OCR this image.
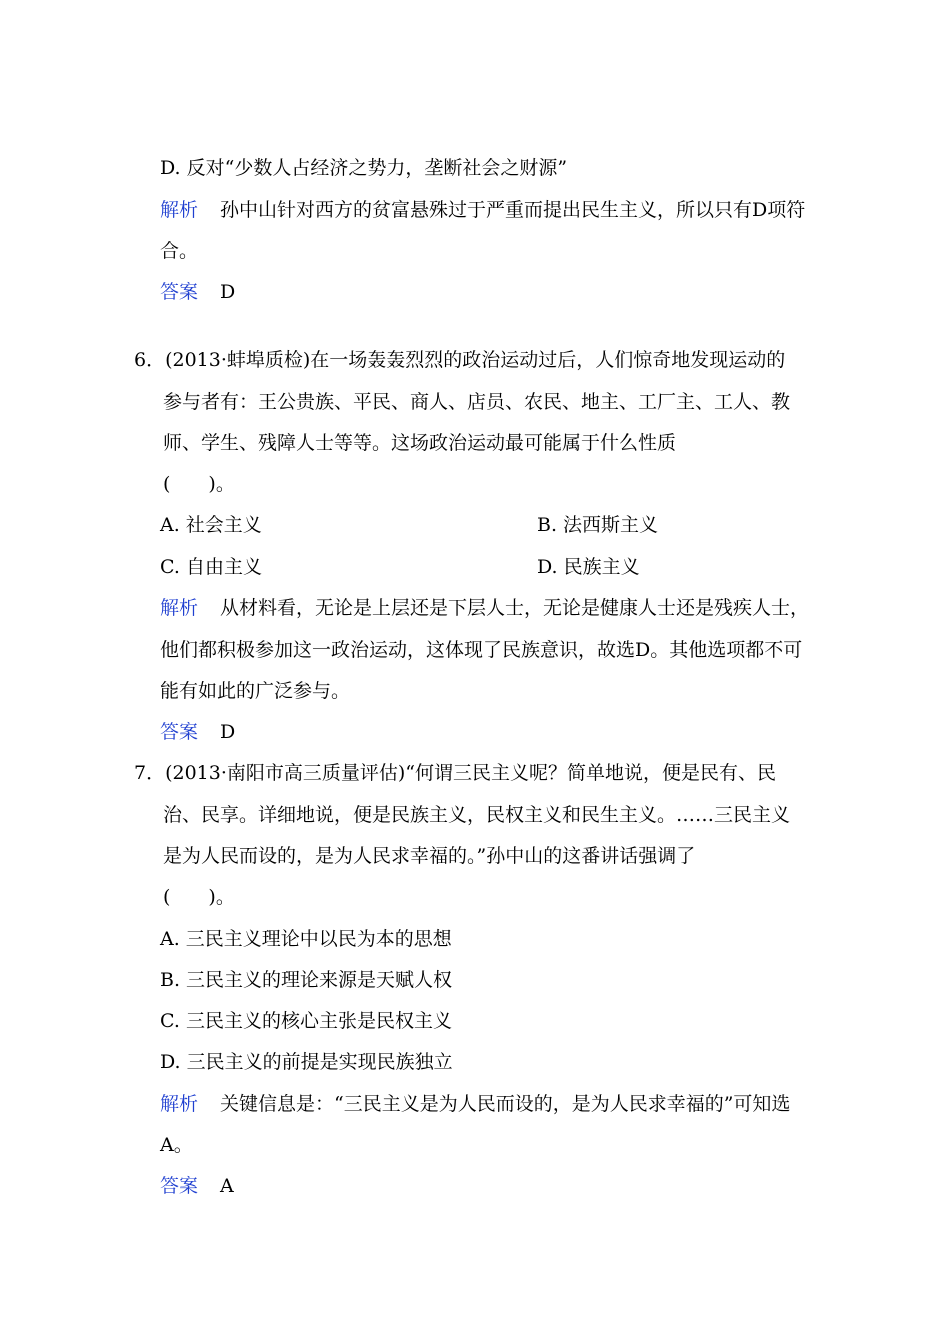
D. 反对“少数人占经济之势力，垄断社会之财源”
解析 孙中山针对西方的贫富悬殊过于严重而提出民生主义，所以只有D项符
合。
答案 D
6．(2013·蚌埠质检)在一场轰轰烈烈的政治运动过后，人们惊奇地发现运动的
参与者有：王公贵族、平民、商人、店员、农民、地主、工厂主、工人、教
师、学生、残障人士等等。这场政治运动最可能属于什么性质
(　　)。
A. 社会主义	B. 法西斯主义
C. 自由主义	D. 民族主义
解析 从材料看，无论是上层还是下层人士，无论是健康人士还是残疾人士，
他们都积极参加这一政治运动，这体现了民族意识，故选D。其他选项都不可
能有如此的广泛参与。
答案 D
7．(2013·南阳市高三质量评估)“何谓三民主义呢？简单地说，便是民有、民
治、民享。详细地说，便是民族主义，民权主义和民生主义。……三民主义
是为人民而设的，是为人民求幸福的。”孙中山的这番讲话强调了
(　　)。
A. 三民主义理论中以民为本的思想
B. 三民主义的理论来源是天赋人权
C. 三民主义的核心主张是民权主义
D. 三民主义的前提是实现民族独立
解析 关键信息是：“三民主义是为人民而设的，是为人民求幸福的”可知选
A。
答案 A
